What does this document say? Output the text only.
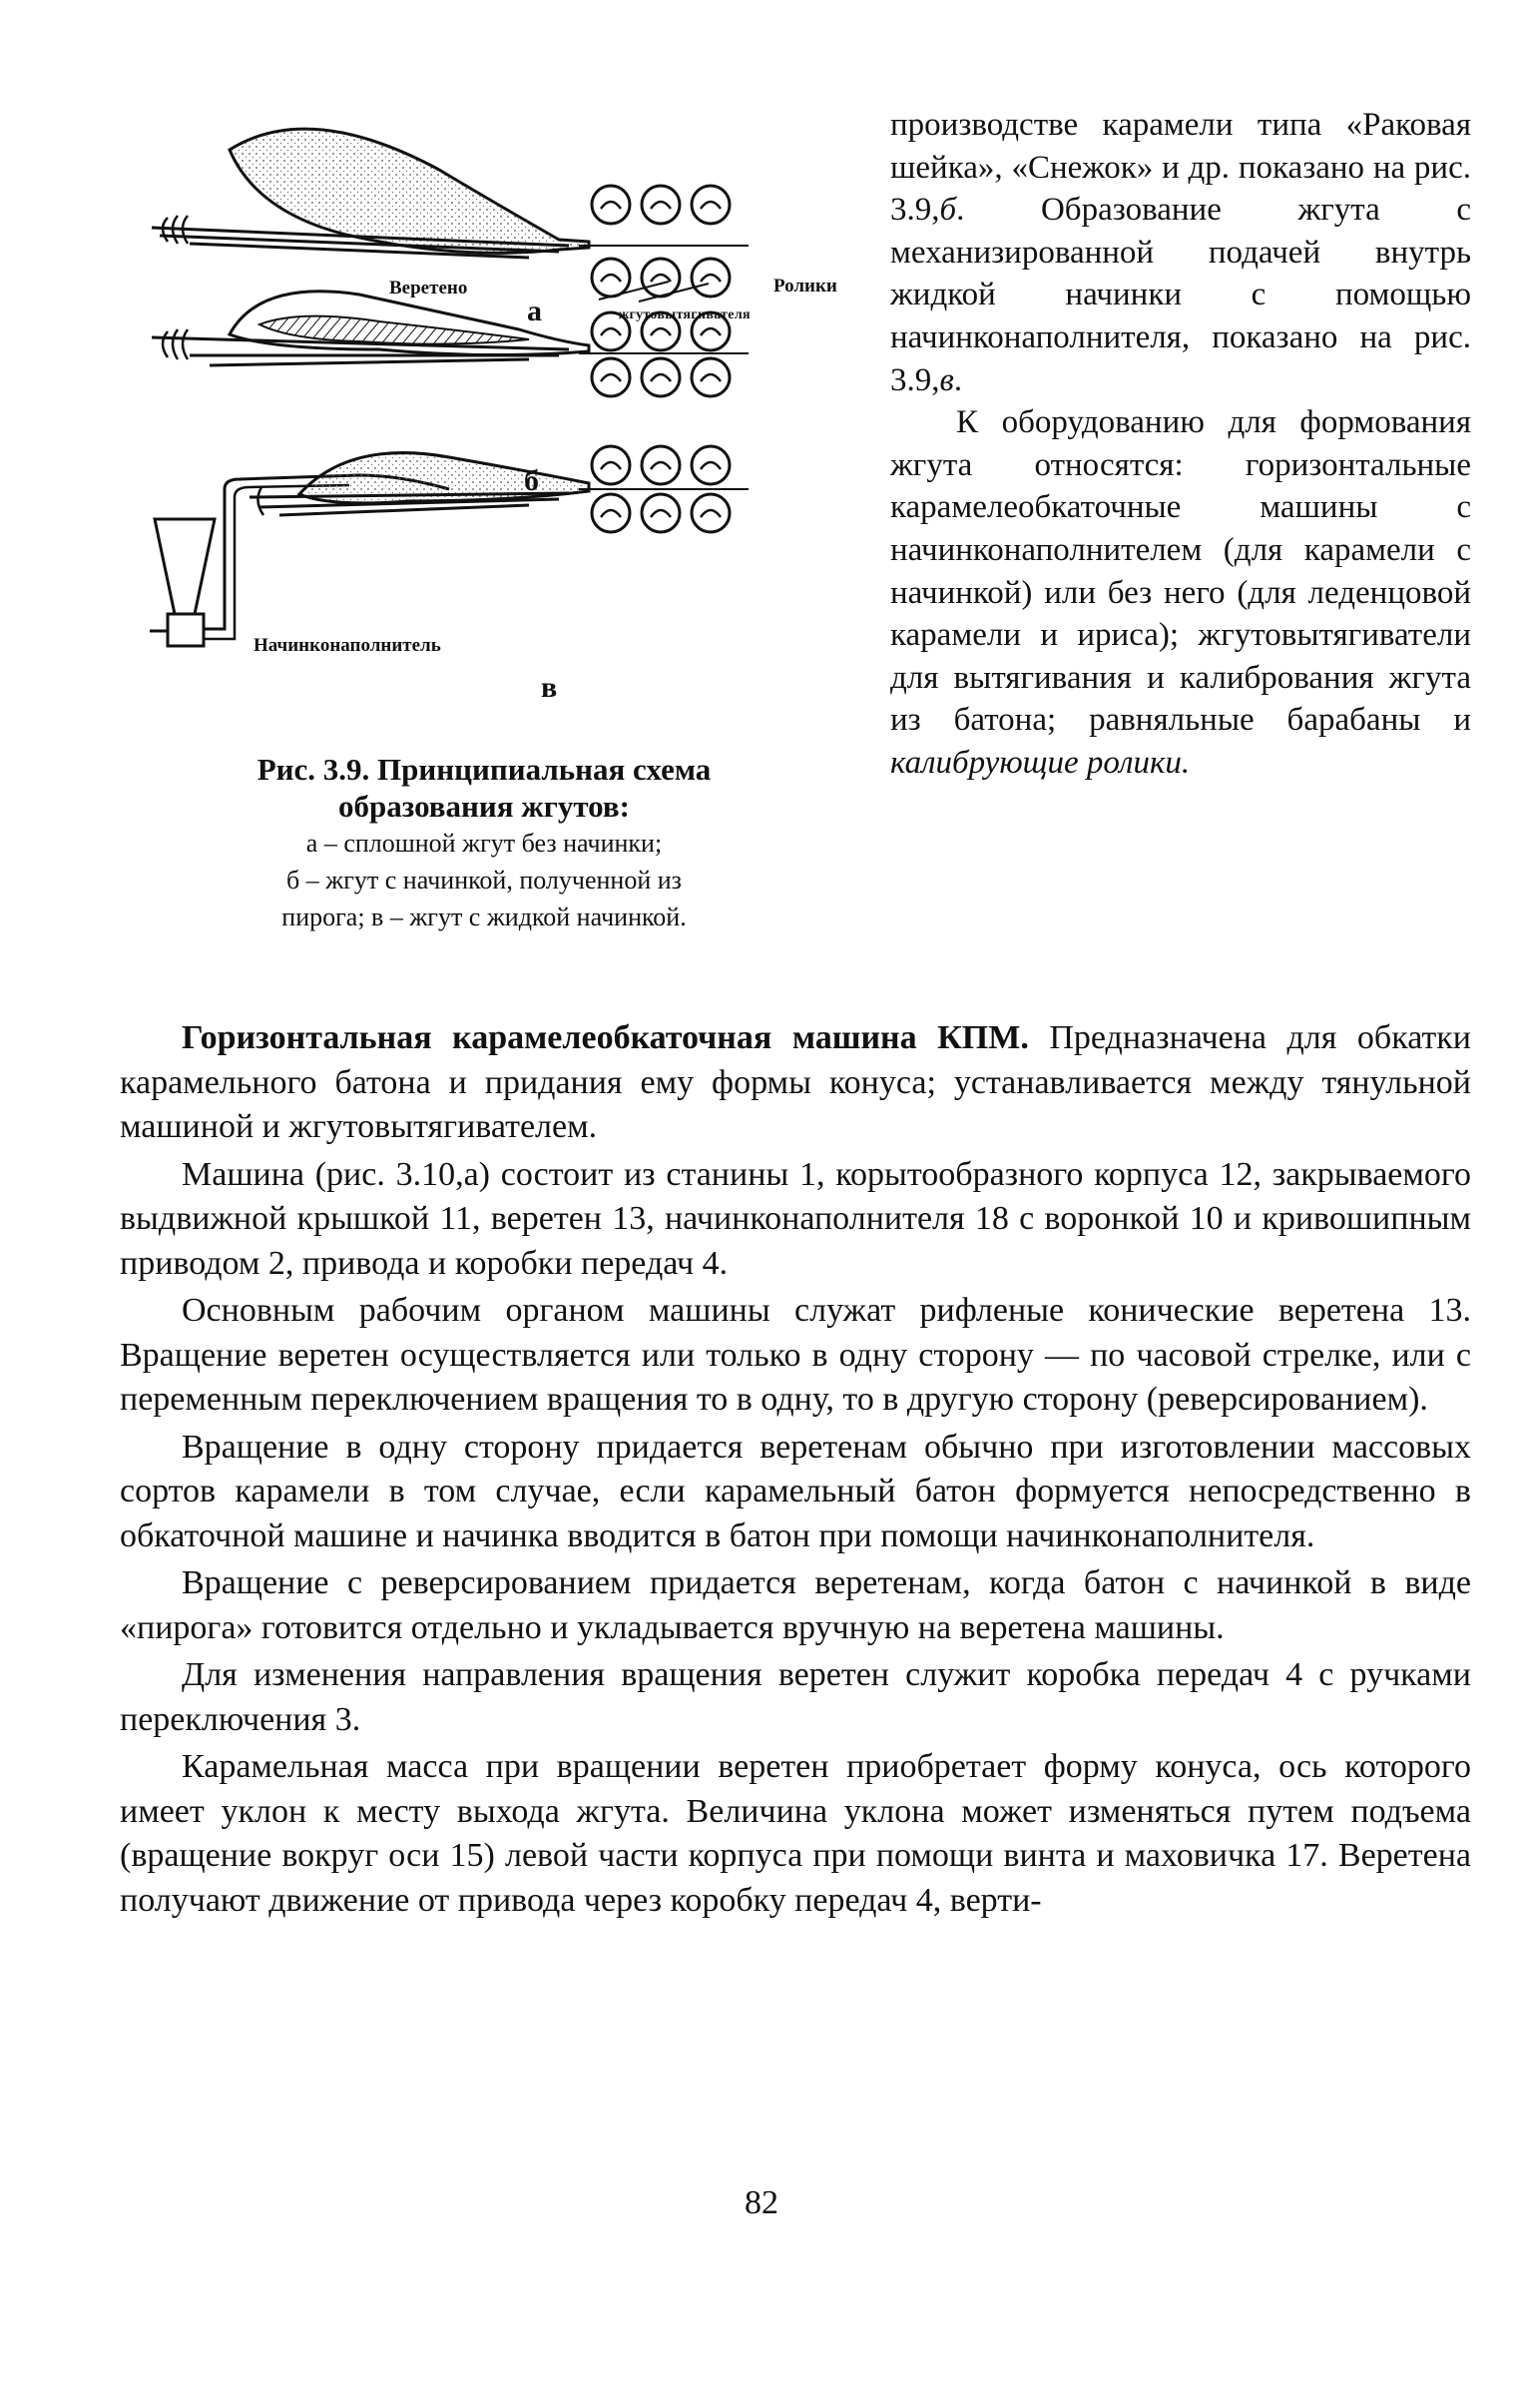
Веретено	Ролики
жгутовытягивателя
Начинконаполнитель
а
б
в
Рис. 3.9. Принципиальная схема
образования жгутов:
а – сплошной жгут без начинки;
б – жгут с начинкой, полученной из
пирога; в – жгут с жидкой начинкой.

производстве карамели типа «Раковая шейка», «Снежок» и др. показано на рис. 3.9,б. Образование жгута с механизированной подачей внутрь жидкой начинки с помощью начинконаполнителя, показано на рис. 3.9,в.

К оборудованию для формования жгута относятся: горизонтальные карамелеобкаточные машины с начинконаполнителем (для карамели с начинкой) или без него (для леденцовой карамели и ириса); жгутовытягиватели для вытягивания и калибрования жгута из батона; равняльные барабаны и калибрующие ролики.

Горизонтальная карамелеобкаточная машина КПМ. Предназначена для обкатки карамельного батона и придания ему формы конуса; устанавливается между тянульной машиной и жгутовытягивателем.

Машина (рис. 3.10,а) состоит из станины 1, корытообразного корпуса 12, закрываемого выдвижной крышкой 11, веретен 13, начинконаполнителя 18 с воронкой 10 и кривошипным приводом 2, привода и коробки передач 4.

Основным рабочим органом машины служат рифленые конические веретена 13. Вращение веретен осуществляется или только в одну сторону — по часовой стрелке, или с переменным переключением вращения то в одну, то в другую сторону (реверсированием).

Вращение в одну сторону придается веретенам обычно при изготовлении массовых сортов карамели в том случае, если карамельный батон формуется непосредственно в обкаточной машине и начинка вводится в батон при помощи начинконаполнителя.

Вращение с реверсированием придается веретенам, когда батон с начинкой в виде «пирога» готовится отдельно и укладывается вручную на веретена машины.

Для изменения направления вращения веретен служит коробка передач 4 с ручками переключения 3.

Карамельная масса при вращении веретен приобретает форму конуса, ось которого имеет уклон к месту выхода жгута. Величина уклона может изменяться путем подъема (вращение вокруг оси 15) левой части корпуса при помощи винта и маховичка 17. Веретена получают движение от привода через коробку передач 4, верти-

82
